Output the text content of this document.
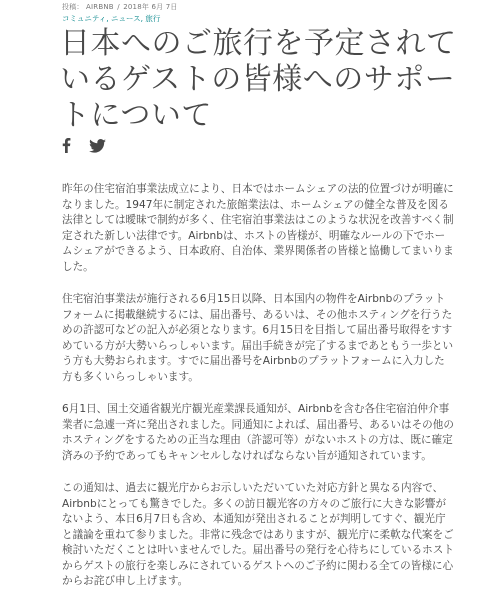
投稿： AIRBNB / 2018年 6月 7日
コミュニティ, ニュース, 旅行
日本へのご旅行を予定されているゲストの皆様へのサポートについて

昨年の住宅宿泊事業法成立により、日本ではホームシェアの法的位置づけが明確になりました。1947年に制定された旅館業法は、ホームシェアの健全な普及を図る法律としては曖昧で制約が多く、住宅宿泊事業法はこのような状況を改善すべく制定された新しい法律です。Airbnbは、ホストの皆様が、明確なルールの下でホームシェアができるよう、日本政府、自治体、業界関係者の皆様と協働してまいりました。

住宅宿泊事業法が施行される6月15日以降、日本国内の物件をAirbnbのプラットフォームに掲載継続するには、届出番号、あるいは、その他ホスティングを行うための許認可などの記入が必須となります。6月15日を目指して届出番号取得をすすめている方が大勢いらっしゃいます。届出手続きが完了するまであともう一歩という方も大勢おられます。すでに届出番号をAirbnbのプラットフォームに入力した方も多くいらっしゃいます。

6月1日、国土交通省観光庁観光産業課長通知が、Airbnbを含む各住宅宿泊仲介事業者に急遽一斉に発出されました。同通知によれば、届出番号、あるいはその他のホスティングをするための正当な理由（許認可等）がないホストの方は、既に確定済みの予約であってもキャンセルしなければならない旨が通知されています。

この通知は、過去に観光庁からお示しいただいていた対応方針と異なる内容で、Airbnbにとっても驚きでした。多くの訪日観光客の方々のご旅行に大きな影響がないよう、本日6月7日も含め、本通知が発出されることが判明してすぐ、観光庁と議論を重ねて参りました。非常に残念ではありますが、観光庁に柔軟な代案をご検討いただくことは叶いませんでした。届出番号の発行を心待ちにしているホストからゲストの旅行を楽しみにされているゲストへのご予約に関わる全ての皆様に心からお詫び申し上げます。
